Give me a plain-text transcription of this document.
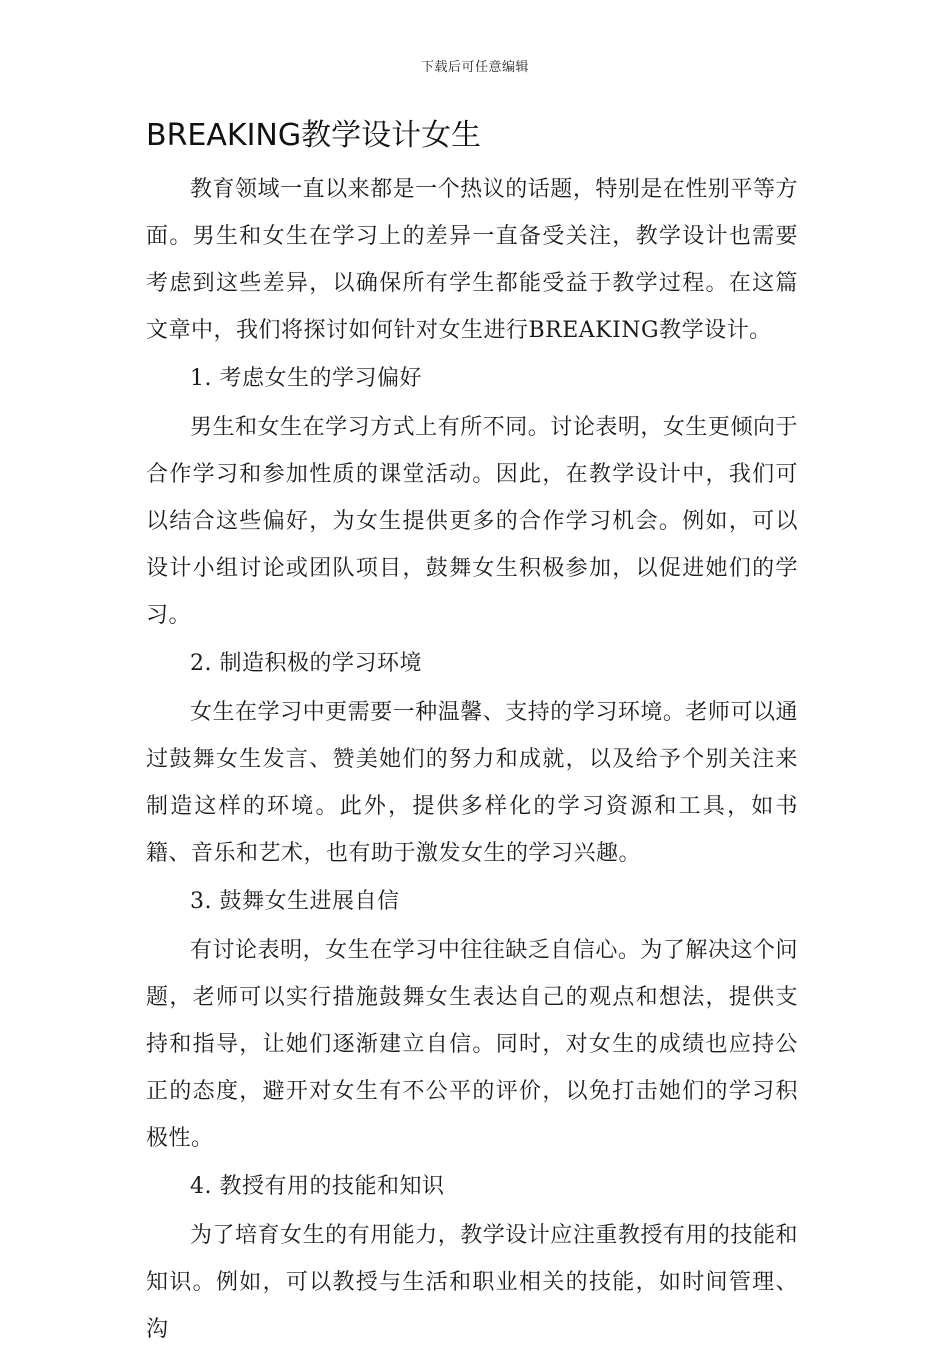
下载后可任意编辑
BREAKING教学设计女生

教育领域一直以来都是一个热议的话题，特别是在性别平等方面。男生和女生在学习上的差异一直备受关注，教学设计也需要考虑到这些差异，以确保所有学生都能受益于教学过程。在这篇文章中，我们将探讨如何针对女生进行BREAKING教学设计。

1. 考虑女生的学习偏好

男生和女生在学习方式上有所不同。讨论表明，女生更倾向于合作学习和参加性质的课堂活动。因此，在教学设计中，我们可以结合这些偏好，为女生提供更多的合作学习机会。例如，可以设计小组讨论或团队项目，鼓舞女生积极参加，以促进她们的学习。

2. 制造积极的学习环境

女生在学习中更需要一种温馨、支持的学习环境。老师可以通过鼓舞女生发言、赞美她们的努力和成就，以及给予个别关注来制造这样的环境。此外，提供多样化的学习资源和工具，如书籍、音乐和艺术，也有助于激发女生的学习兴趣。

3. 鼓舞女生进展自信

有讨论表明，女生在学习中往往缺乏自信心。为了解决这个问题，老师可以实行措施鼓舞女生表达自己的观点和想法，提供支持和指导，让她们逐渐建立自信。同时，对女生的成绩也应持公正的态度，避开对女生有不公平的评价，以免打击她们的学习积极性。

4. 教授有用的技能和知识

为了培育女生的有用能力，教学设计应注重教授有用的技能和知识。例如，可以教授与生活和职业相关的技能，如时间管理、沟
